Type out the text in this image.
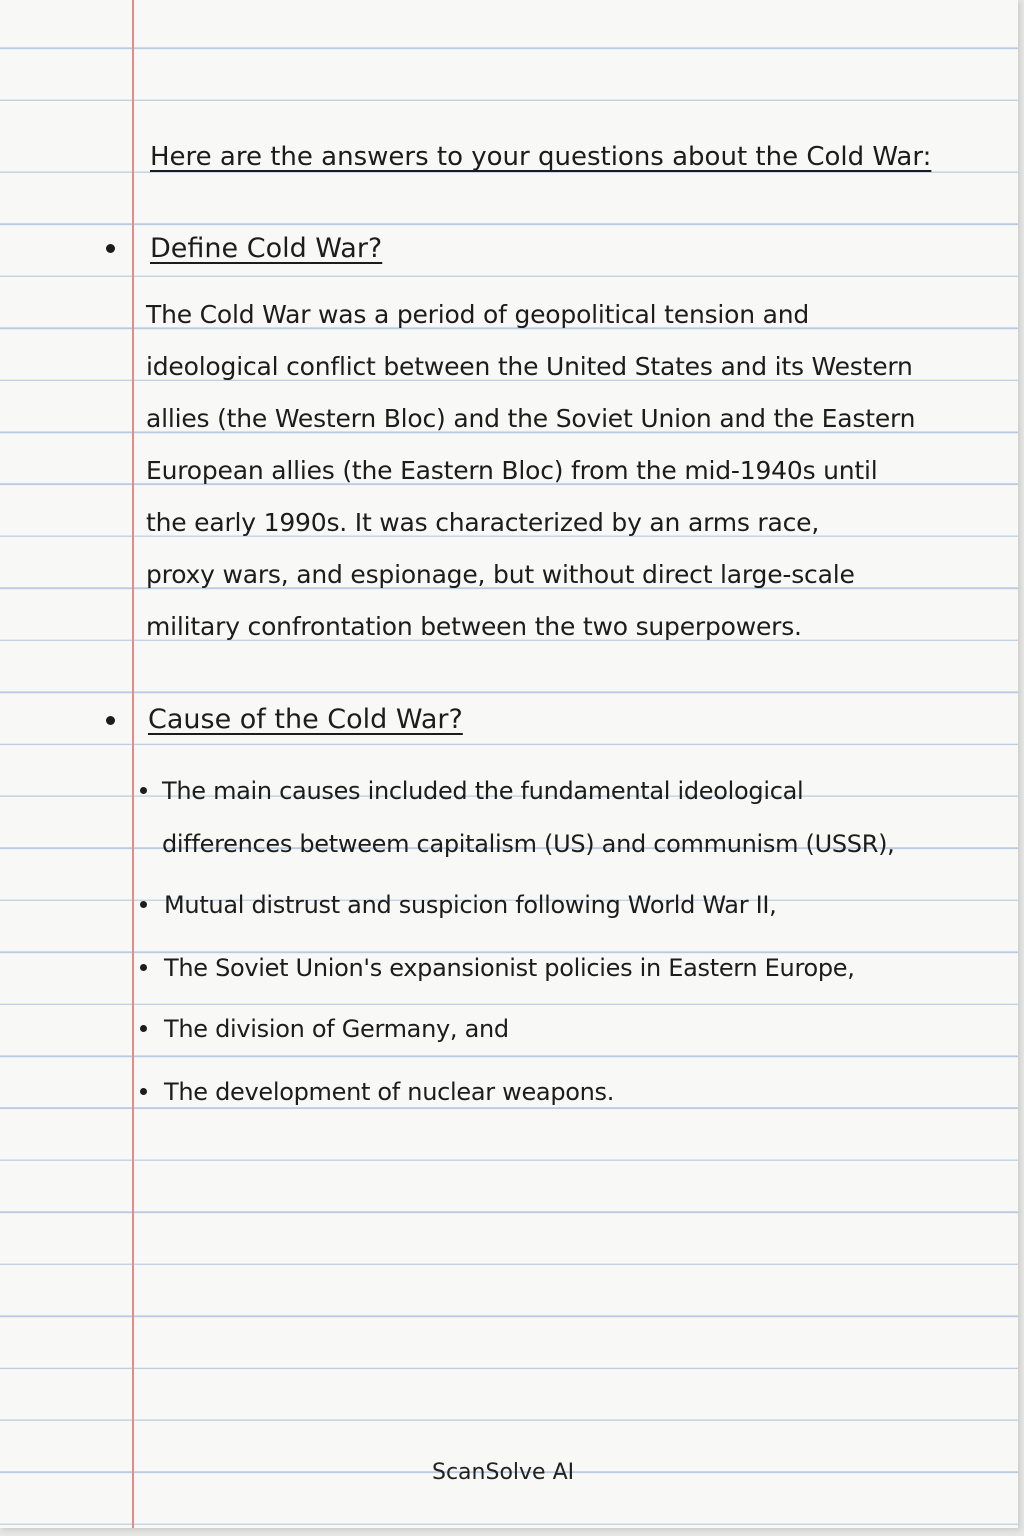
Here are the answers to your questions about the Cold War:
Define Cold War?
The Cold War was a period of geopolitical tension and
ideological conflict between the United States and its Western
allies (the Western Bloc) and the Soviet Union and the Eastern
European allies (the Eastern Bloc) from the mid-1940s until
the early 1990s. It was characterized by an arms race,
proxy wars, and espionage, but without direct large-scale
military confrontation between the two superpowers.
Cause of the Cold War?
The main causes included the fundamental ideological
differences betweem capitalism (US) and communism (USSR),
Mutual distrust and suspicion following World War II,
The Soviet Union's expansionist policies in Eastern Europe,
The division of Germany, and
The development of nuclear weapons.
ScanSolve AI
